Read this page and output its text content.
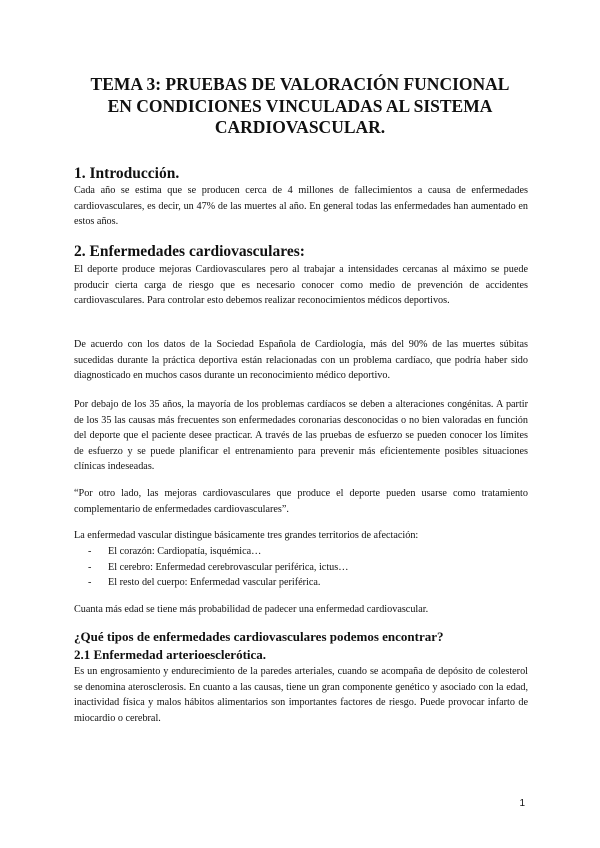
TEMA 3: PRUEBAS DE VALORACIÓN FUNCIONAL
EN CONDICIONES VINCULADAS AL SISTEMA
CARDIOVASCULAR.
1. Introducción.
Cada año se estima que se producen cerca de 4 millones de fallecimientos a causa de enfermedades cardiovasculares, es decir, un 47% de las muertes al año. En general todas las enfermedades han aumentado en estos años.
2. Enfermedades cardiovasculares:
El deporte produce mejoras Cardiovasculares pero al trabajar a intensidades cercanas al máximo se puede producir cierta carga de riesgo que es necesario conocer como medio de prevención de accidentes cardiovasculares. Para controlar esto debemos realizar reconocimientos médicos deportivos.
De acuerdo con los datos de la Sociedad Española de Cardiología, más del 90% de las muertes súbitas sucedidas durante la práctica deportiva están relacionadas con un problema cardíaco, que podría haber sido diagnosticado en muchos casos durante un reconocimiento médico deportivo.
Por debajo de los 35 años, la mayoría de los problemas cardíacos se deben a alteraciones congénitas. A partir de los 35 las causas más frecuentes son enfermedades coronarias desconocidas o no bien valoradas en función del deporte que el paciente desee practicar. A través de las pruebas de esfuerzo se pueden conocer los límites de esfuerzo y se puede planificar el entrenamiento para prevenir más eficientemente posibles situaciones clínicas indeseadas.
“Por otro lado, las mejoras cardiovasculares que produce el deporte pueden usarse como tratamiento complementario de enfermedades cardiovasculares”.
La enfermedad vascular distingue básicamente tres grandes territorios de afectación:
- El corazón: Cardiopatía, isquémica…
- El cerebro: Enfermedad cerebrovascular periférica, ictus…
- El resto del cuerpo: Enfermedad vascular periférica.
Cuanta más edad se tiene más probabilidad de padecer una enfermedad cardiovascular.
¿Qué tipos de enfermedades cardiovasculares podemos encontrar?
2.1 Enfermedad arterioesclerótica.
Es un engrosamiento y endurecimiento de la paredes arteriales, cuando se acompaña de depósito de colesterol se denomina aterosclerosis. En cuanto a las causas, tiene un gran componente genético y asociado con la edad, inactividad física y malos hábitos alimentarios son importantes factores de riesgo. Puede provocar infarto de miocardio o cerebral.
1
